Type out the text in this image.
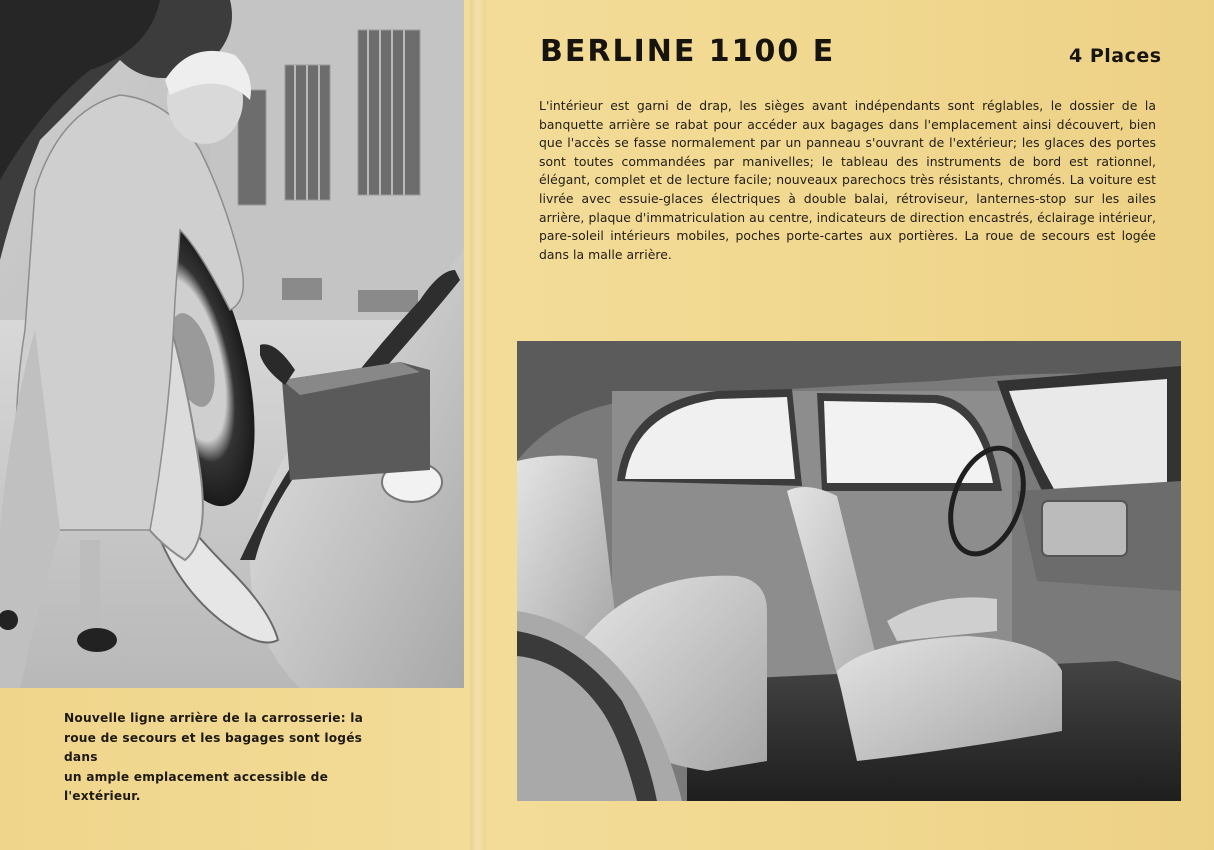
Nouvelle ligne arrière de la carrosserie: la
roue de secours et les bagages sont logés dans
un ample emplacement accessible de l'extérieur.
BERLINE 1100 E	4 Places
L'intérieur est garni de drap, les sièges avant indépendants sont réglables, le dossier de la banquette arrière se rabat pour accéder aux bagages dans l'emplacement ainsi découvert, bien que l'accès se fasse normalement par un panneau s'ouvrant de l'extérieur; les glaces des portes sont toutes commandées par manivelles; le tableau des instruments de bord est rationnel, élégant, complet et de lecture facile; nouveaux parechocs très résistants, chromés. La voiture est livrée avec essuie-glaces électriques à double balai, rétroviseur, lanternes-stop sur les ailes arrière, plaque d'immatriculation au centre, indicateurs de direction encastrés, éclairage intérieur, pare-soleil intérieurs mobiles, poches porte-cartes aux portières. La roue de secours est logée dans la malle arrière.
